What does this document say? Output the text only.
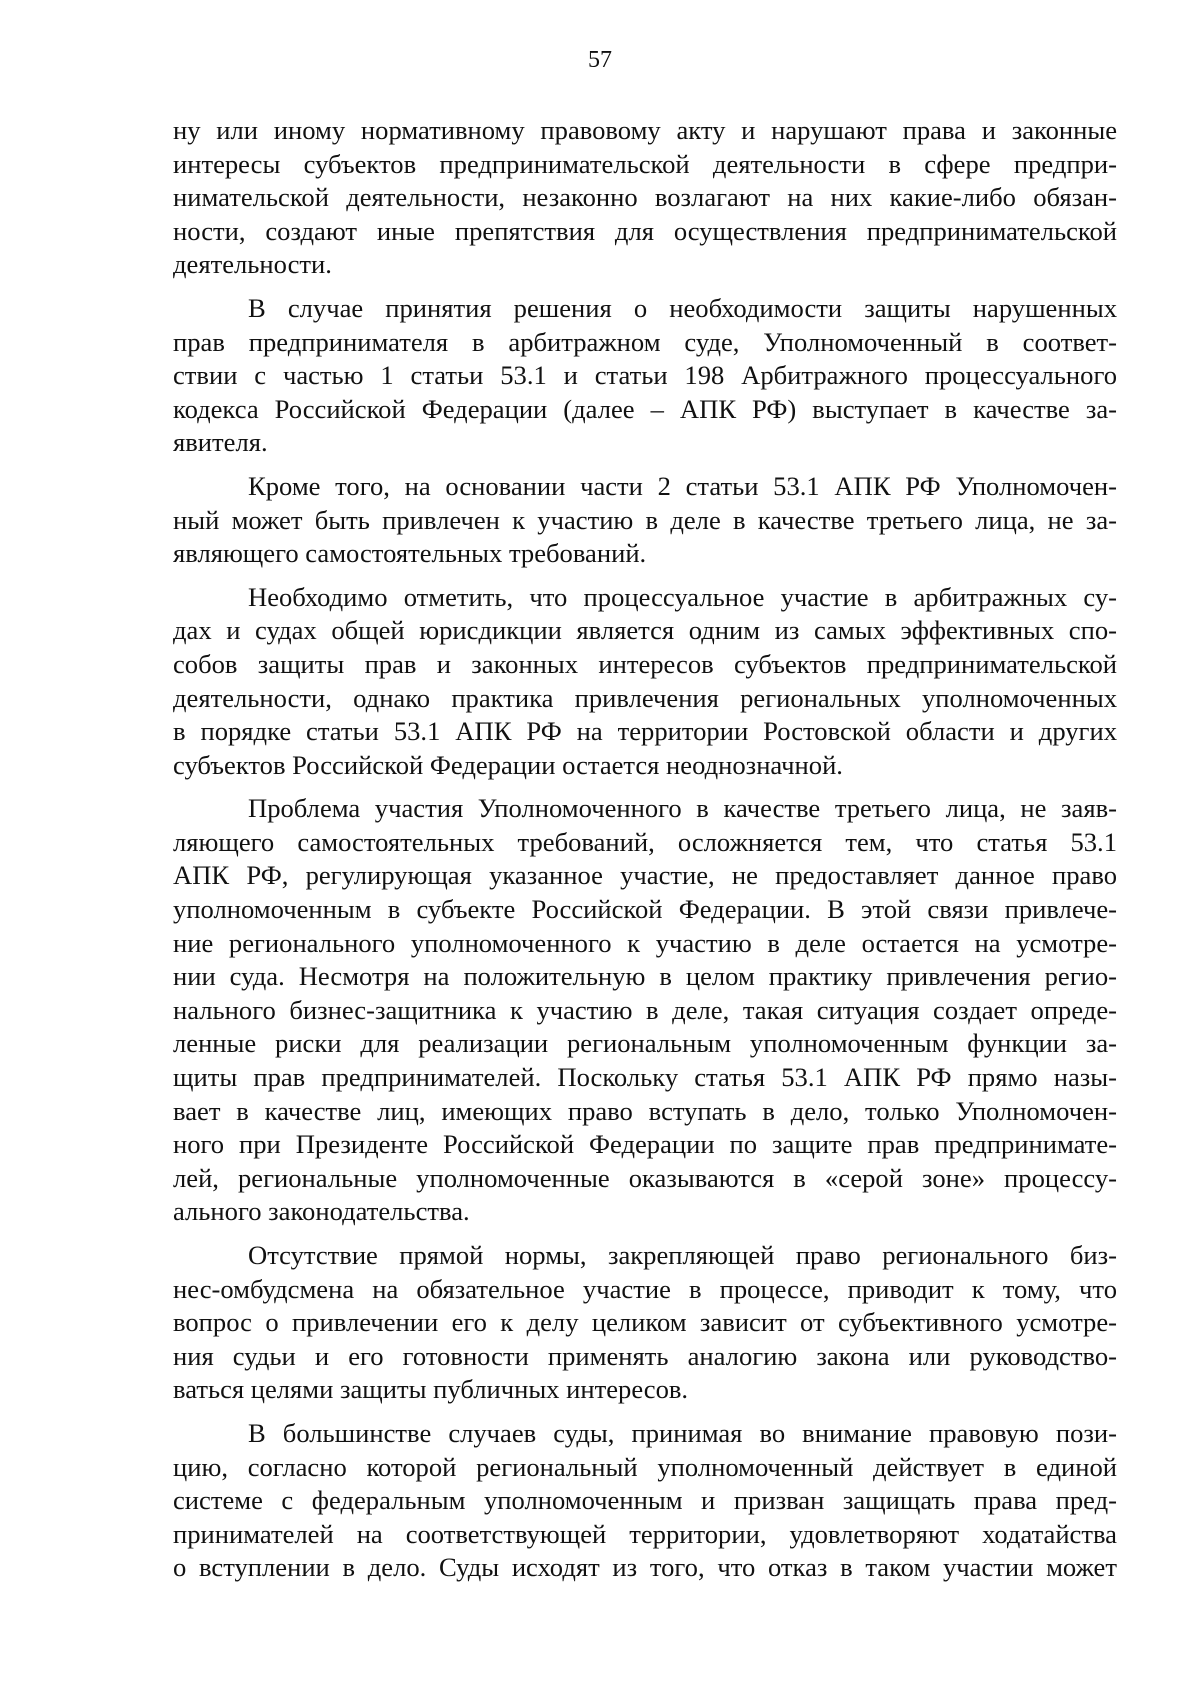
57

ну или иному нормативному правовому акту и нарушают права и законные
интересы субъектов предпринимательской деятельности в сфере предпри-
нимательской деятельности, незаконно возлагают на них какие-либо обязан-
ности, создают иные препятствия для осуществления предпринимательской
деятельности.

В случае принятия решения о необходимости защиты нарушенных
прав предпринимателя в арбитражном суде, Уполномоченный в соответ-
ствии с частью 1 статьи 53.1 и статьи 198 Арбитражного процессуального
кодекса Российской Федерации (далее – АПК РФ) выступает в качестве за-
явителя.

Кроме того, на основании части 2 статьи 53.1 АПК РФ Уполномочен-
ный может быть привлечен к участию в деле в качестве третьего лица, не за-
являющего самостоятельных требований.

Необходимо отметить, что процессуальное участие в арбитражных су-
дах и судах общей юрисдикции является одним из самых эффективных спо-
собов защиты прав и законных интересов субъектов предпринимательской
деятельности, однако практика привлечения региональных уполномоченных
в порядке статьи 53.1 АПК РФ на территории Ростовской области и других
субъектов Российской Федерации остается неоднозначной.

Проблема участия Уполномоченного в качестве третьего лица, не заяв-
ляющего самостоятельных требований, осложняется тем, что статья 53.1
АПК РФ, регулирующая указанное участие, не предоставляет данное право
уполномоченным в субъекте Российской Федерации. В этой связи привлече-
ние регионального уполномоченного к участию в деле остается на усмотре-
нии суда. Несмотря на положительную в целом практику привлечения регио-
нального бизнес-защитника к участию в деле, такая ситуация создает опреде-
ленные риски для реализации региональным уполномоченным функции за-
щиты прав предпринимателей. Поскольку статья 53.1 АПК РФ прямо назы-
вает в качестве лиц, имеющих право вступать в дело, только Уполномочен-
ного при Президенте Российской Федерации по защите прав предпринимате-
лей, региональные уполномоченные оказываются в «серой зоне» процессу-
ального законодательства.

Отсутствие прямой нормы, закрепляющей право регионального биз-
нес-омбудсмена на обязательное участие в процессе, приводит к тому, что
вопрос о привлечении его к делу целиком зависит от субъективного усмотре-
ния судьи и его готовности применять аналогию закона или руководство-
ваться целями защиты публичных интересов.

В большинстве случаев суды, принимая во внимание правовую пози-
цию, согласно которой региональный уполномоченный действует в единой
системе с федеральным уполномоченным и призван защищать права пред-
принимателей на соответствующей территории, удовлетворяют ходатайства
о вступлении в дело. Суды исходят из того, что отказ в таком участии может
